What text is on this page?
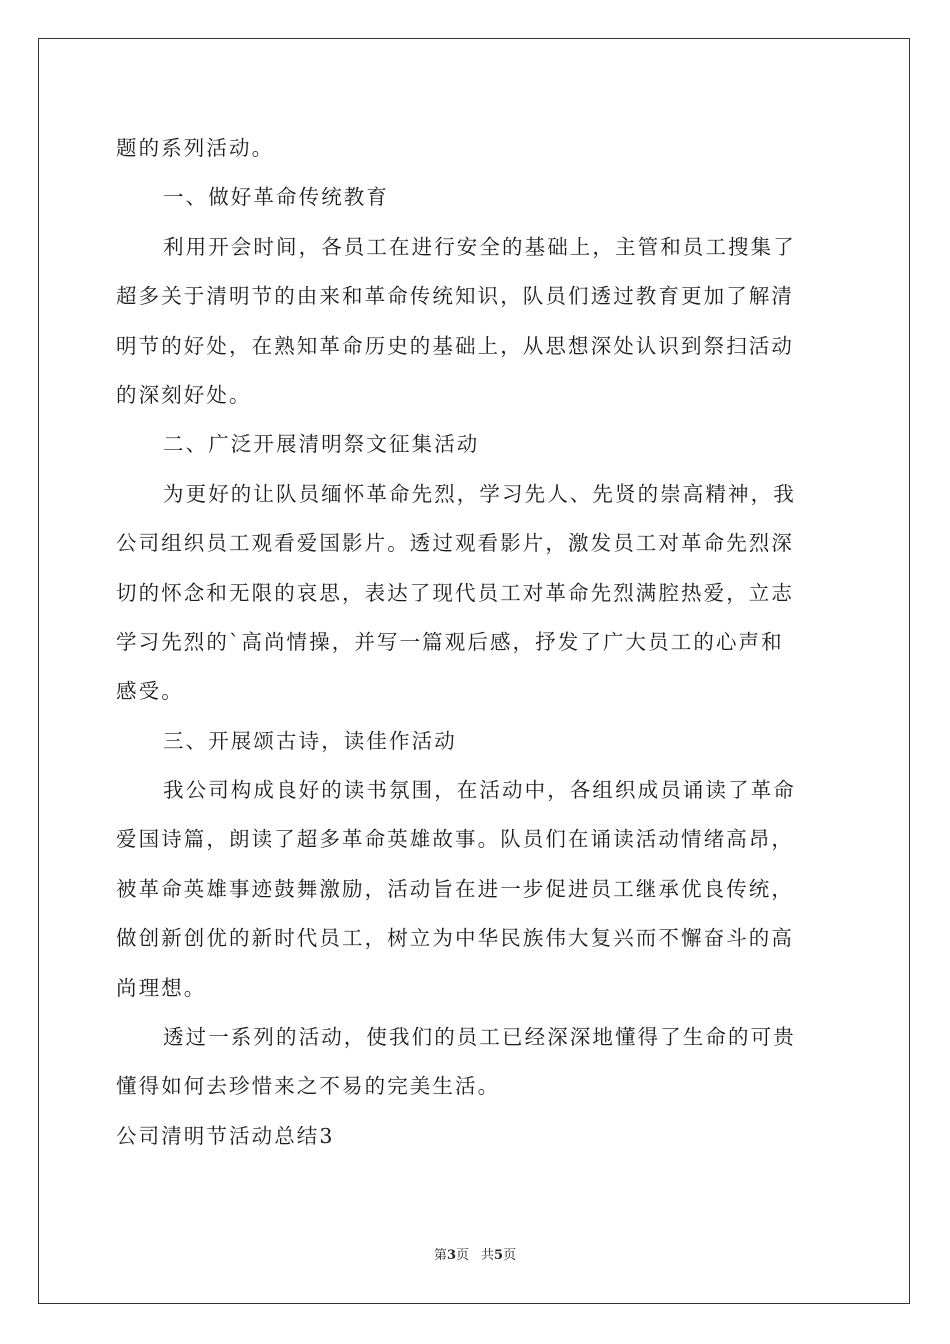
题的系列活动。
一、做好革命传统教育
利用开会时间，各员工在进行安全的基础上，主管和员工搜集了
超多关于清明节的由来和革命传统知识，队员们透过教育更加了解清
明节的好处，在熟知革命历史的基础上，从思想深处认识到祭扫活动
的深刻好处。
二、广泛开展清明祭文征集活动
为更好的让队员缅怀革命先烈，学习先人、先贤的崇高精神，我
公司组织员工观看爱国影片。透过观看影片，激发员工对革命先烈深
切的怀念和无限的哀思，表达了现代员工对革命先烈满腔热爱，立志
学习先烈的`高尚情操，并写一篇观后感，抒发了广大员工的心声和
感受。
三、开展颂古诗，读佳作活动
我公司构成良好的读书氛围，在活动中，各组织成员诵读了革命
爱国诗篇，朗读了超多革命英雄故事。队员们在诵读活动情绪高昂，
被革命英雄事迹鼓舞激励，活动旨在进一步促进员工继承优良传统，
做创新创优的新时代员工，树立为中华民族伟大复兴而不懈奋斗的高
尚理想。
透过一系列的活动，使我们的员工已经深深地懂得了生命的可贵
懂得如何去珍惜来之不易的完美生活。
公司清明节活动总结3
第3页 共5页
